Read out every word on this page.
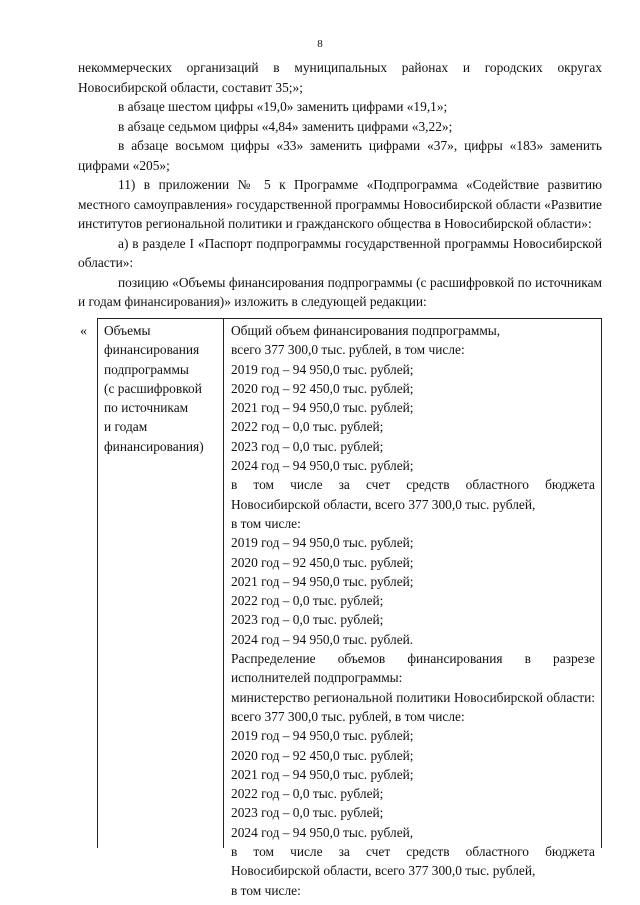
8

некоммерческих организаций в муниципальных районах и городских округах Новосибирской области, составит 35;»;

в абзаце шестом цифры «19,0» заменить цифрами «19,1»;

в абзаце седьмом цифры «4,84» заменить цифрами «3,22»;

в абзаце восьмом цифры «33» заменить цифрами «37», цифры «183» заменить цифрами «205»;

11) в приложении № 5 к Программе «Подпрограмма «Содействие развитию местного самоуправления» государственной программы Новосибирской области «Развитие институтов региональной политики и гражданского общества в Новосибирской области»:

а) в разделе I «Паспорт подпрограммы государственной программы Новосибирской области»:

позицию «Объемы финансирования подпрограммы (с расшифровкой по источникам и годам финансирования)» изложить в следующей редакции:

« Объемы
финансирования
подпрограммы
(с расшифровкой
по источникам
и годам
финансирования)
Общий объем финансирования подпрограммы,
всего 377 300,0 тыс. рублей, в том числе:
2019 год – 94 950,0 тыс. рублей;
2020 год – 92 450,0 тыс. рублей;
2021 год – 94 950,0 тыс. рублей;
2022 год – 0,0 тыс. рублей;
2023 год – 0,0 тыс. рублей;
2024 год – 94 950,0 тыс. рублей;
в том числе за счет средств областного бюджета Новосибирской области, всего 377 300,0 тыс. рублей,
в том числе:
2019 год – 94 950,0 тыс. рублей;
2020 год – 92 450,0 тыс. рублей;
2021 год – 94 950,0 тыс. рублей;
2022 год – 0,0 тыс. рублей;
2023 год – 0,0 тыс. рублей;
2024 год – 94 950,0 тыс. рублей.
Распределение объемов финансирования в разрезе исполнителей подпрограммы:
министерство региональной политики Новосибирской области: всего 377 300,0 тыс. рублей, в том числе:
2019 год – 94 950,0 тыс. рублей;
2020 год – 92 450,0 тыс. рублей;
2021 год – 94 950,0 тыс. рублей;
2022 год – 0,0 тыс. рублей;
2023 год – 0,0 тыс. рублей;
2024 год – 94 950,0 тыс. рублей,
в том числе за счет средств областного бюджета Новосибирской области, всего 377 300,0 тыс. рублей,
в том числе:
